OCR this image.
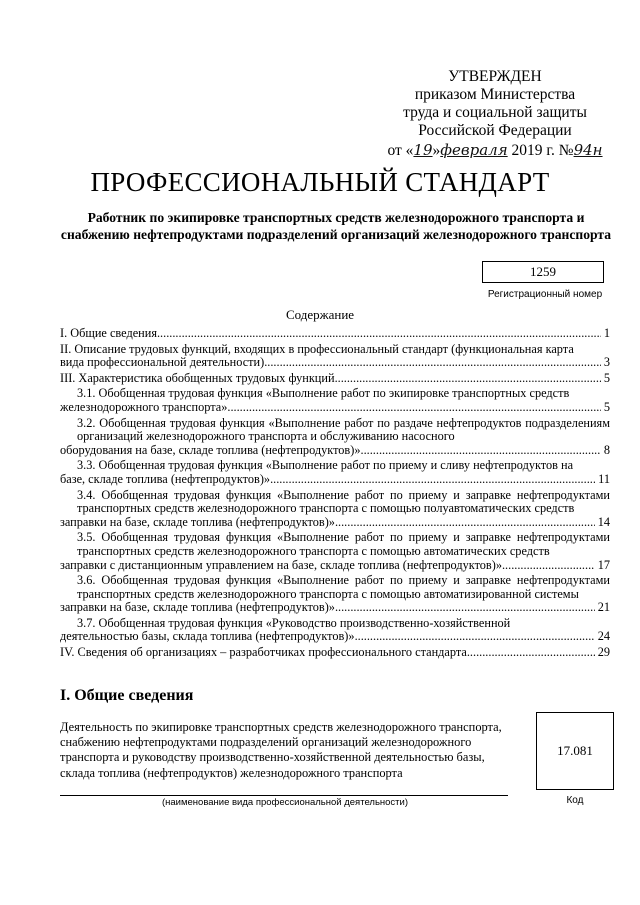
УТВЕРЖДЕН
приказом Министерства
труда и социальной защиты
Российской Федерации
от «19»февраля 2019 г. №94н
ПРОФЕССИОНАЛЬНЫЙ СТАНДАРТ
Работник по экипировке транспортных средств железнодорожного транспорта и снабжению нефтепродуктами подразделений организаций железнодорожного транспорта
1259
Регистрационный номер
Содержание
I. Общие сведения .....	1
II. Описание трудовых функций, входящих в профессиональный стандарт (функциональная карта
вида профессиональной деятельности) .....	3
III. Характеристика обобщенных трудовых функций .....	5
3.1. Обобщенная трудовая функция «Выполнение работ по экипировке транспортных средств
железнодорожного транспорта» .....	5
3.2. Обобщенная трудовая функция «Выполнение работ по раздаче нефтепродуктов подразделениям организаций железнодорожного транспорта и обслуживанию насосного
оборудования на базе, складе топлива (нефтепродуктов)» .....	8
3.3. Обобщенная трудовая функция «Выполнение работ по приему и сливу нефтепродуктов на
базе, складе топлива (нефтепродуктов)» .....	11
3.4. Обобщенная трудовая функция «Выполнение работ по приему и заправке нефтепродуктами транспортных средств железнодорожного транспорта с помощью полуавтоматических средств
заправки на базе, складе топлива (нефтепродуктов)» .....	14
3.5. Обобщенная трудовая функция «Выполнение работ по приему и заправке нефтепродуктами транспортных средств железнодорожного транспорта с помощью автоматических средств
заправки с дистанционным управлением на базе, складе топлива (нефтепродуктов)» .....	17
3.6. Обобщенная трудовая функция «Выполнение работ по приему и заправке нефтепродуктами транспортных средств железнодорожного транспорта с помощью автоматизированной системы
заправки на базе, складе топлива (нефтепродуктов)» .....	21
3.7. Обобщенная трудовая функция «Руководство производственно-хозяйственной
деятельностью базы, склада топлива (нефтепродуктов)» .....	24
IV. Сведения об организациях – разработчиках профессионального стандарта .....	29
I. Общие сведения
Деятельность по экипировке транспортных средств железнодорожного транспорта, снабжению нефтепродуктами подразделений организаций железнодорожного транспорта и руководству производственно-хозяйственной деятельностью базы, склада топлива (нефтепродуктов) железнодорожного транспорта
(наименование вида профессиональной деятельности)
17.081
Код
